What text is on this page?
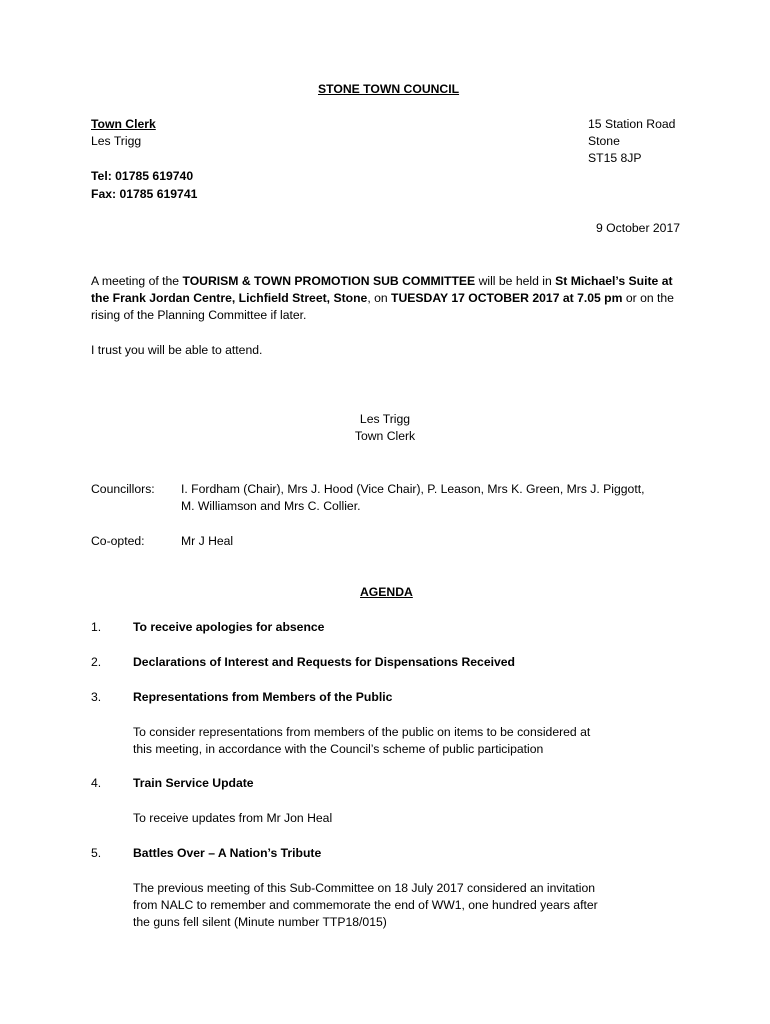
STONE TOWN COUNCIL
Town Clerk
Les Trigg
Tel: 01785 619740
Fax: 01785 619741
15 Station Road
Stone
ST15 8JP
9 October 2017
A meeting of the TOURISM & TOWN PROMOTION SUB COMMITTEE will be held in St Michael’s Suite at the Frank Jordan Centre, Lichfield Street, Stone, on TUESDAY 17 OCTOBER 2017 at 7.05 pm or on the rising of the Planning Committee if later.
I trust you will be able to attend.
Les Trigg
Town Clerk
Councillors: I. Fordham (Chair), Mrs J. Hood (Vice Chair), P. Leason, Mrs K. Green, Mrs J. Piggott,
M. Williamson and Mrs C. Collier.
Co-opted:	Mr J Heal
AGENDA
1.	To receive apologies for absence
2.	Declarations of Interest and Requests for Dispensations Received
3.	Representations from Members of the Public
To consider representations from members of the public on items to be considered at
this meeting, in accordance with the Council’s scheme of public participation
4.	Train Service Update
To receive updates from Mr Jon Heal
5.	Battles Over – A Nation’s Tribute
The previous meeting of this Sub-Committee on 18 July 2017 considered an invitation
from NALC to remember and commemorate the end of WW1, one hundred years after
the guns fell silent (Minute number TTP18/015)
